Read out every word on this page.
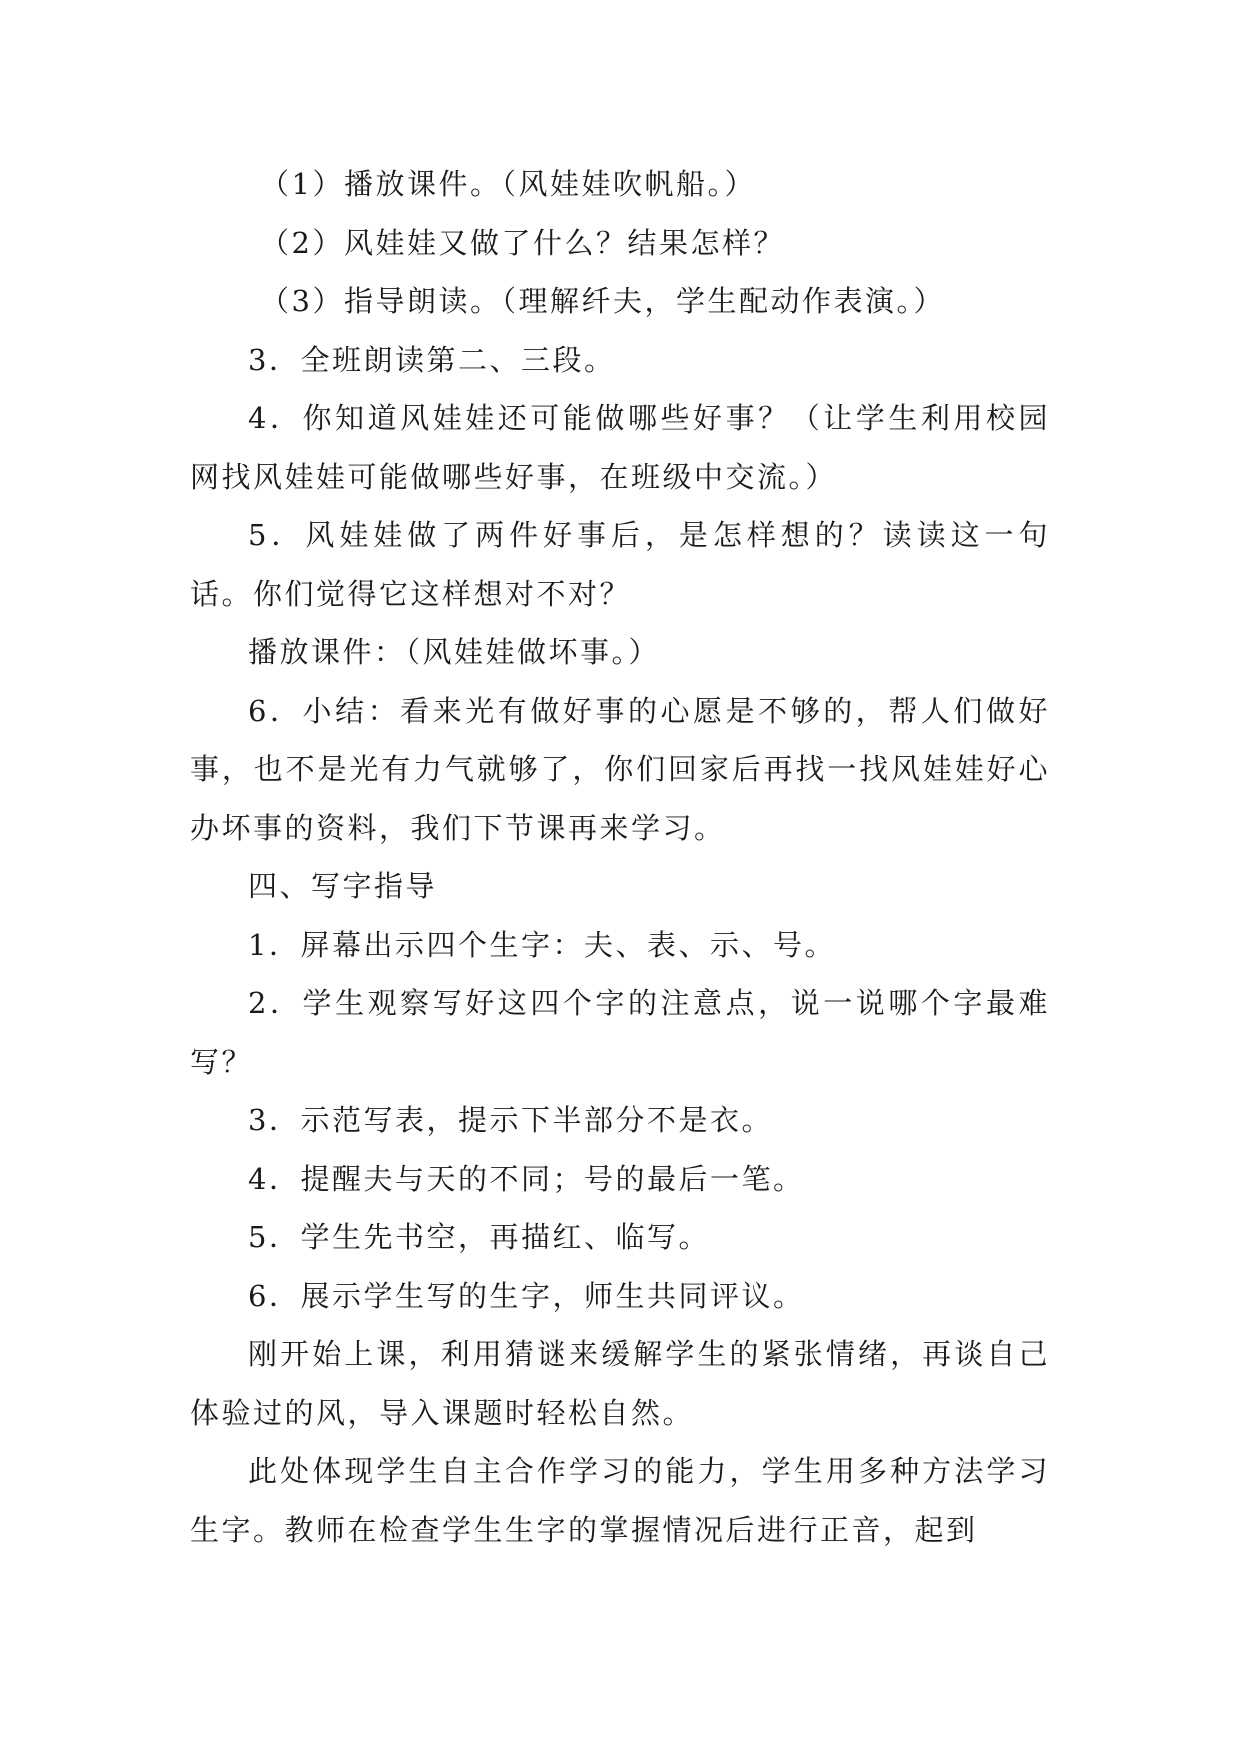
（1）播放课件。（风娃娃吹帆船。）

（2）风娃娃又做了什么？结果怎样？

（3）指导朗读。（理解纤夫，学生配动作表演。）

3．全班朗读第二、三段。

4．你知道风娃娃还可能做哪些好事？（让学生利用校园网找风娃娃可能做哪些好事，在班级中交流。）

5．风娃娃做了两件好事后，是怎样想的？读读这一句话。你们觉得它这样想对不对？

播放课件：（风娃娃做坏事。）

6．小结：看来光有做好事的心愿是不够的，帮人们做好事，也不是光有力气就够了，你们回家后再找一找风娃娃好心办坏事的资料，我们下节课再来学习。

四、写字指导

1．屏幕出示四个生字：夫、表、示、号。

2．学生观察写好这四个字的注意点，说一说哪个字最难写？

3．示范写表，提示下半部分不是衣。

4．提醒夫与天的不同；号的最后一笔。

5．学生先书空，再描红、临写。

6．展示学生写的生字，师生共同评议。

刚开始上课，利用猜谜来缓解学生的紧张情绪，再谈自己体验过的风，导入课题时轻松自然。

此处体现学生自主合作学习的能力，学生用多种方法学习生字。教师在检查学生生字的掌握情况后进行正音，起到
